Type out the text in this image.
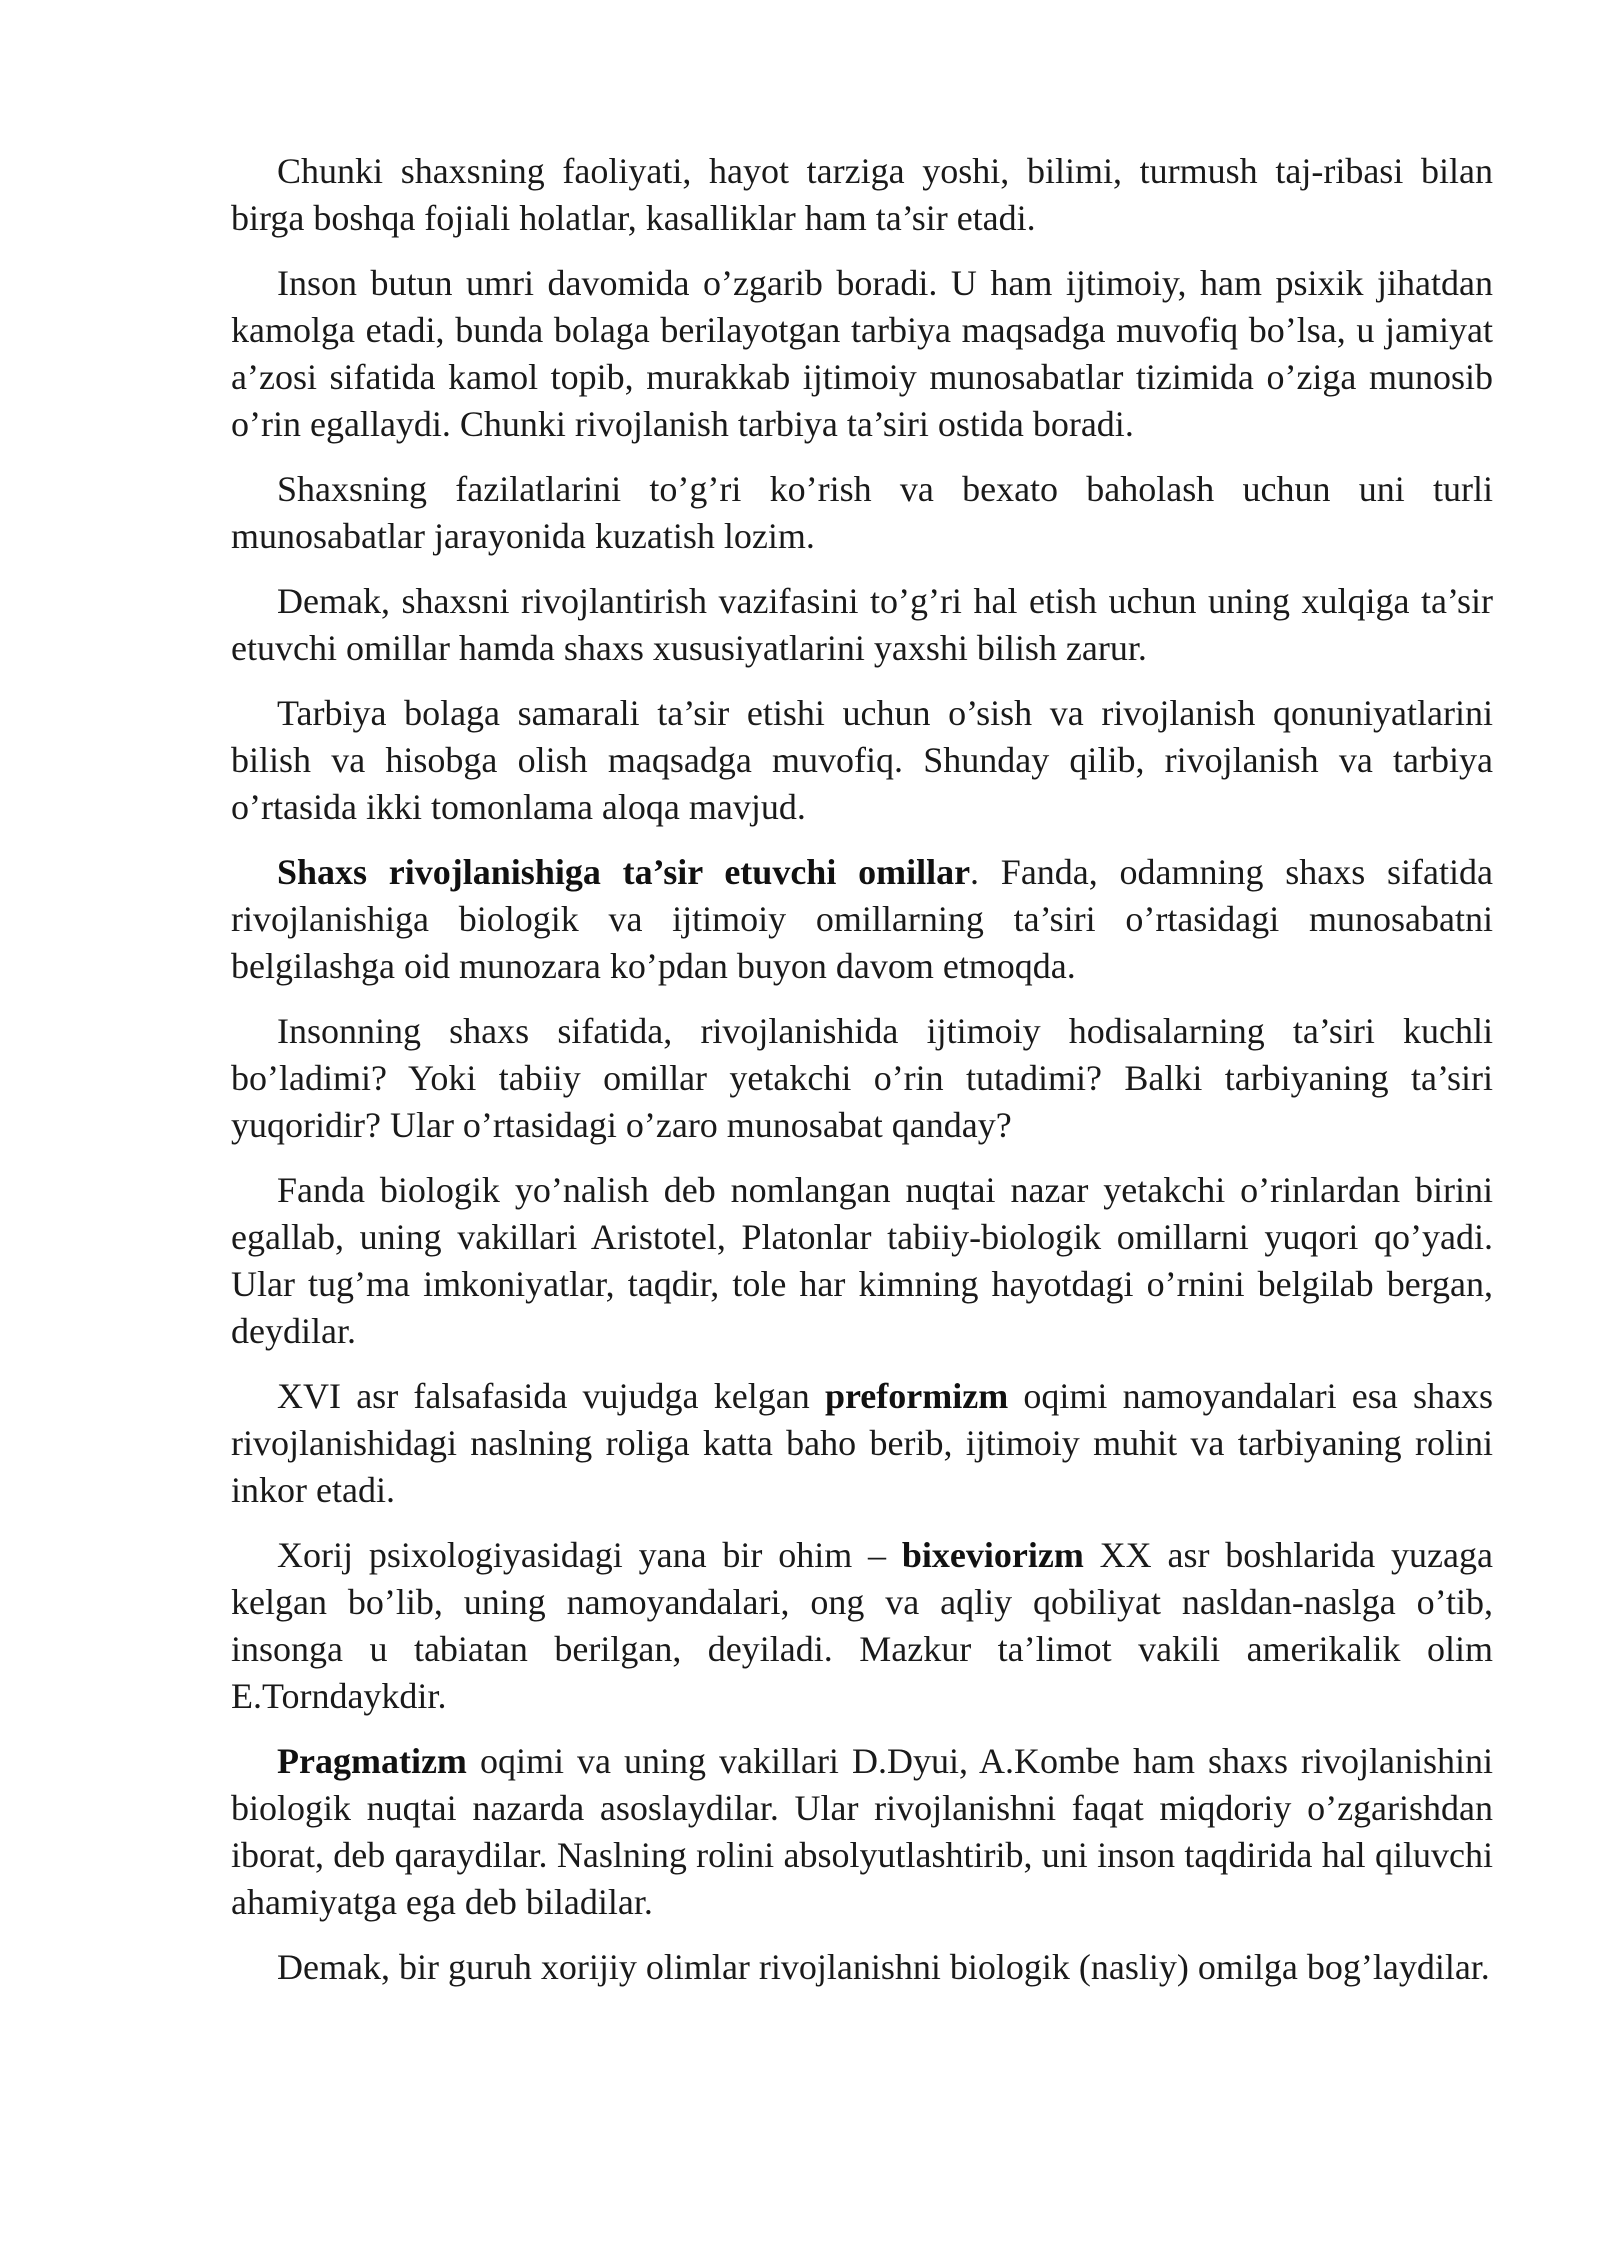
Chunki shaxsning faoliyati, hayot tarziga yoshi, bilimi, turmush taj-ribasi bilan birga boshqa fojiali holatlar, kasalliklar ham ta’sir etadi.

Inson butun umri davomida o’zgarib boradi. U ham ijtimoiy, ham psixik jihatdan kamolga etadi, bunda bolaga berilayotgan tarbiya maqsadga muvofiq bo’lsa, u jamiyat a’zosi sifatida kamol topib, murakkab ijtimoiy munosabatlar tizimida o’ziga munosib o’rin egallaydi. Chunki rivojlanish tarbiya ta’siri ostida boradi.

Shaxsning fazilatlarini to’g’ri ko’rish va bexato baholash uchun uni turli munosabatlar jarayonida kuzatish lozim.

Demak, shaxsni rivojlantirish vazifasini to’g’ri hal etish uchun uning xulqiga ta’sir etuvchi omillar hamda shaxs xususiyatlarini yaxshi bilish zarur.

Tarbiya bolaga samarali ta’sir etishi uchun o’sish va rivojlanish qonuniyatlarini bilish va hisobga olish maqsadga muvofiq. Shunday qilib, rivojlanish va tarbiya o’rtasida ikki tomonlama aloqa mavjud.

Shaxs rivojlanishiga ta’sir etuvchi omillar. Fanda, odamning shaxs sifatida rivojlanishiga biologik va ijtimoiy omillarning ta’siri o’rtasidagi munosabatni belgilashga oid munozara ko’pdan buyon davom etmoqda.

Insonning shaxs sifatida, rivojlanishida ijtimoiy hodisalarning ta’siri kuchli bo’ladimi? Yoki tabiiy omillar yetakchi o’rin tutadimi? Balki tarbiyaning ta’siri yuqoridir? Ular o’rtasidagi o’zaro munosabat qanday?

Fanda biologik yo’nalish deb nomlangan nuqtai nazar yetakchi o’rinlardan birini egallab, uning vakillari Aristotel, Platonlar tabiiy-biologik omillarni yuqori qo’yadi. Ular tug’ma imkoniyatlar, taqdir, tole har kimning hayotdagi o’rnini belgilab bergan, deydilar.

XVI asr falsafasida vujudga kelgan preformizm oqimi namoyandalari esa shaxs rivojlanishidagi naslning roliga katta baho berib, ijtimoiy muhit va tarbiyaning rolini inkor etadi.

Xorij psixologiyasidagi yana bir ohim – bixeviorizm XX asr boshlarida yuzaga kelgan bo’lib, uning namoyandalari, ong va aqliy qobiliyat nasldan-naslga o’tib, insonga u tabiatan berilgan, deyiladi. Mazkur ta’limot vakili amerikalik olim E.Torndaykdir.

Pragmatizm oqimi va uning vakillari D.Dyui, A.Kombe ham shaxs rivojlanishini biologik nuqtai nazarda asoslaydilar. Ular rivojlanishni faqat miqdoriy o’zgarishdan iborat, deb qaraydilar. Naslning rolini absolyutlashtirib, uni inson taqdirida hal qiluvchi ahamiyatga ega deb biladilar.

Demak, bir guruh xorijiy olimlar rivojlanishni biologik (nasliy) omilga bog’laydilar.
